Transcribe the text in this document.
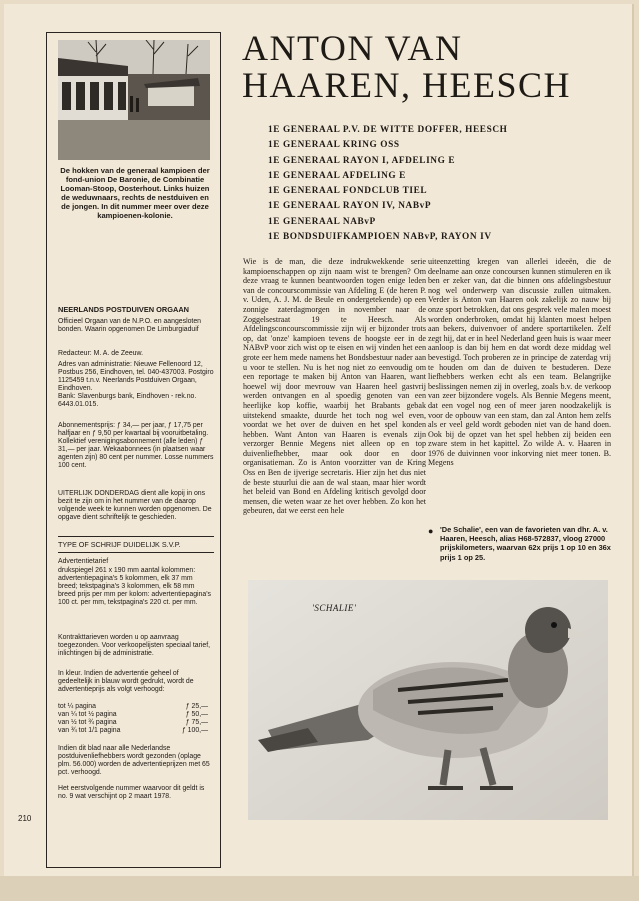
De hokken van de generaal kampioen der fond-union De Baronie, de Combinatie Looman-Stoop, Oosterhout. Links huizen de weduwnaars, rechts de nestduiven en de jongen. In dit nummer meer over deze kampioenen-kolonie.
NEERLANDS POSTDUIVEN ORGAAN
Officieel Orgaan van de N.P.O. en aangesloten bonden. Waarin opgenomen De Limburgiaduif
Redacteur: M. A. de Zeeuw.
Adres van administratie: Nieuwe Fellenoord 12, Postbus 256, Eindhoven, tel. 040-437003. Postgiro 1125459 t.n.v. Neerlands Postduiven Orgaan, Eindhoven.
Bank: Slavenburgs bank, Eindhoven - rek.no. 6443.01.015.
Abonnementsprijs: ƒ 34,— per jaar, ƒ 17,75 per halfjaar en ƒ 9,50 per kwartaal bij vooruitbetaling. Kollektief verenigingsabonnement (alle leden) ƒ 31,— per jaar. Wekaabonnees (in plaatsen waar agenten zijn) 80 cent per nummer. Losse nummers 100 cent.
UITERLIJK DONDERDAG dient alle kopij in ons bezit te zijn om in het nummer van de daarop volgende week te kunnen worden opgenomen. De opgave dient schriftelijk te geschieden.
TYPE OF SCHRIJF DUIDELIJK S.V.P.
Advertentietarief
drukspiegel 261 x 190 mm aantal kolommen: advertentiepagina's 5 kolommen, elk 37 mm breed; tekstpagina's 3 kolommen, elk 58 mm breed prijs per mm per kolom: advertentiepagina's 100 ct. per mm, tekstpagina's 220 ct. per mm.
Kontrakttarieven worden u op aanvraag toegezonden. Voor verkoopelijsten speciaal tarief, inlichtingen bij de administratie.
In kleur. Indien de advertentie geheel of gedeeltelijk in blauw wordt gedrukt, wordt de advertentieprijs als volgt verhoogd:
tot ¼ pagina	ƒ 25,—
van ¼ tot ½ pagina	ƒ 50,—
van ½ tot ¾ pagina	ƒ 75,—
van ¾ tot 1/1 pagina	ƒ 100,—
Indien dit blad naar alle Nederlandse postduivenliefhebbers wordt gezonden (oplage plm. 56.000) worden de advertentieprijzen met 65 pct. verhoogd.
Het eerstvolgende nummer waarvoor dit geldt is no. 9 wat verschijnt op 2 maart 1978.
210
ANTON VAN HAAREN, HEESCH
1E GENERAAL P.V. DE WITTE DOFFER, HEESCH
1E GENERAAL KRING OSS
1E GENERAAL RAYON I, AFDELING E
1E GENERAAL AFDELING E
1E GENERAAL FONDCLUB TIEL
1E GENERAAL RAYON IV, NABvP
1E GENERAAL NABvP
1E BONDSDUIFKAMPIOEN NABvP, RAYON IV

Wie is de man, die deze indrukwekkende serie kampioenschappen op zijn naam wist te brengen? Om deze vraag te kunnen beantwoorden togen enige leden van de concourscommissie van Afdeling E (de heren P. v. Uden, A. J. M. de Beule en ondergetekende) op een zonnige zaterdagmorgen in november naar de Zoggelsestraat 19 te Heesch. Als Afdelingsconcourscommissie zijn wij er bijzonder trots op, dat 'onze' kampioen tevens de hoogste eer in de NABvP voor zich wist op te eisen en wij vinden het een grote eer hem mede namens het Bondsbestuur nader aan u voor te stellen. Nu is het nog niet zo eenvoudig om een reportage te maken bij Anton van Haaren, want hoewel wij door mevrouw van Haaren heel gastvrij werden ontvangen en al spoedig genoten van een heerlijke kop koffie, waarbij het Brabants gebak uitstekend smaakte, duurde het toch nog wel even, voordat we het over de duiven en het spel konden hebben. Want Anton van Haaren is evenals zijn verzorger Bennie Megens niet alleen op en top duivenliefhebber, maar ook door en door organisatieman. Zo is Anton voorzitter van de Kring Oss en Ben de ijverige secretaris. Hier zijn het dus niet de beste stuurlui die aan de wal staan, maar hier wordt het beleid van Bond en Afdeling kritisch gevolgd door mensen, die weten waar ze het over hebben. Zo kon het gebeuren, dat we eerst een hele

uiteenzetting kregen van allerlei ideeën, die de deelname aan onze concoursen kunnen stimuleren en ik ben er zeker van, dat die binnen ons afdelingsbestuur nog wel onderwerp van discussie zullen uitmaken. Verder is Anton van Haaren ook zakelijk zo nauw bij onze sport betrokken, dat ons gesprek vele malen moest worden onderbroken, omdat hij klanten moest helpen aan bekers, duivenvoer of andere sportartikelen. Zelf zegt hij, dat er in heel Nederland geen huis is waar meer aanloop is dan bij hem en dat wordt deze middag wel bevestigd. Toch proberen ze in principe de zaterdag vrij te houden om dan de duiven te bestuderen. Deze liefhebbers werken echt als een team. Belangrijke beslissingen nemen zij in overleg, zoals b.v. de verkoop van zeer bijzondere vogels. Als Bennie Megens meent, dat een vogel nog een of meer jaren noodzakelijk is voor de opbouw van een stam, dan zal Anton hem zelfs als er veel geld wordt geboden niet van de hand doen. Ook bij de opzet van het spel hebben zij beiden een zware stem in het kapittel. Zo wilde A. v. Haaren in 1976 de duivinnen voor inkorving niet meer tonen. B. Megens

● 'De Schalie', een van de favorieten van dhr. A. v. Haaren, Heesch, alias H68-572837, vloog 27000 prijskilometers, waarvan 62x prijs 1 op 10 en 36x prijs 1 op 25.
'SCHALIE'
